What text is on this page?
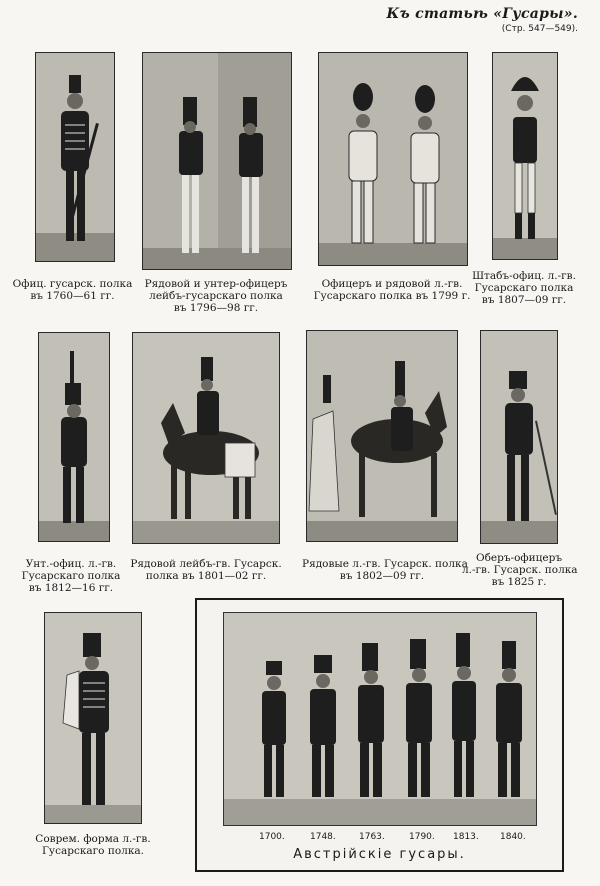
Къ статьѣ «Гусары».
(Стр. 547—549).
Офиц. гусарск. полка
въ 1760—61 гг.
Рядовой и унтер-офицеръ
лейбъ-гусарскаго полка
въ 1796—98 гг.
Офицеръ и рядовой л.-гв.
Гусарскаго полка въ 1799 г.
Штабъ-офиц. л.-гв.
Гусарскаго полка
въ 1807—09 гг.
Унт.-офиц. л.-гв.
Гусарскаго полка
въ 1812—16 гг.
Рядовой лейбъ-гв. Гусарск.
полка въ 1801—02 гг.
Рядовые л.-гв. Гусарск. полка
въ 1802—09 гг.
Оберъ-офицеръ
л.-гв. Гусарск. полка
въ 1825 г.
Соврем. форма л.-гв.
Гусарскаго полка.
1700.	1748.	1763.	1790. 1813. 1840.
Австрійскіе гусары.
